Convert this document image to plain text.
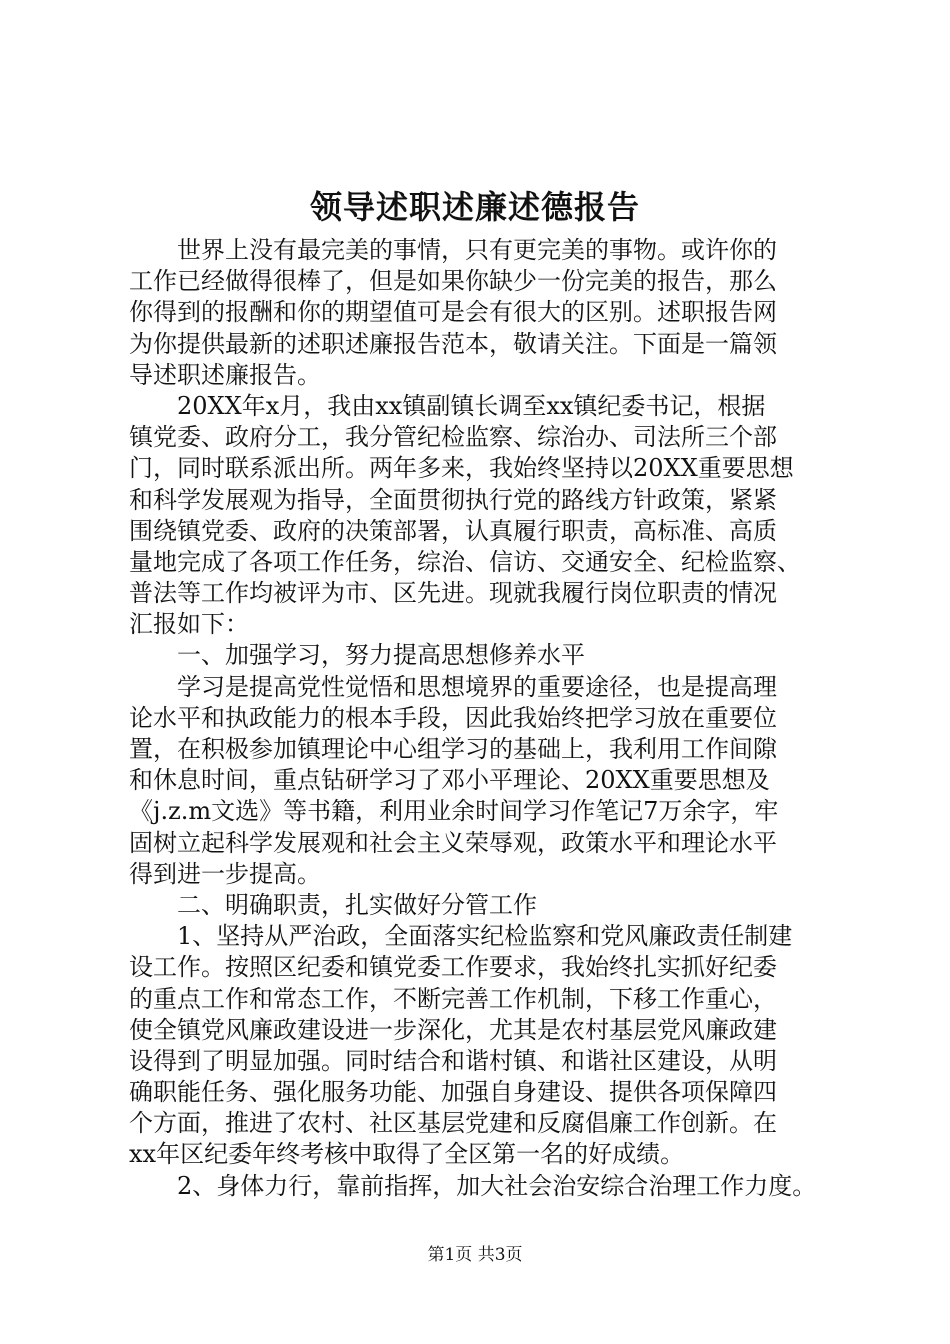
领导述职述廉述德报告
　　世界上没有最完美的事情，只有更完美的事物。或许你的
工作已经做得很棒了，但是如果你缺少一份完美的报告，那么
你得到的报酬和你的期望值可是会有很大的区别。述职报告网
为你提供最新的述职述廉报告范本，敬请关注。下面是一篇领
导述职述廉报告。
　　20XX年x月，我由xx镇副镇长调至xx镇纪委书记，根据
镇党委、政府分工，我分管纪检监察、综治办、司法所三个部
门，同时联系派出所。两年多来，我始终坚持以20XX重要思想
和科学发展观为指导，全面贯彻执行党的路线方针政策，紧紧
围绕镇党委、政府的决策部署，认真履行职责，高标准、高质
量地完成了各项工作任务，综治、信访、交通安全、纪检监察、
普法等工作均被评为市、区先进。现就我履行岗位职责的情况
汇报如下：
　　一、加强学习，努力提高思想修养水平
　　学习是提高党性觉悟和思想境界的重要途径，也是提高理
论水平和执政能力的根本手段，因此我始终把学习放在重要位
置，在积极参加镇理论中心组学习的基础上，我利用工作间隙
和休息时间，重点钻研学习了邓小平理论、20XX重要思想及
《j.z.m文选》等书籍，利用业余时间学习作笔记7万余字，牢
固树立起科学发展观和社会主义荣辱观，政策水平和理论水平
得到进一步提高。
　　二、明确职责，扎实做好分管工作
　　1、坚持从严治政，全面落实纪检监察和党风廉政责任制建
设工作。按照区纪委和镇党委工作要求，我始终扎实抓好纪委
的重点工作和常态工作，不断完善工作机制，下移工作重心，
使全镇党风廉政建设进一步深化，尤其是农村基层党风廉政建
设得到了明显加强。同时结合和谐村镇、和谐社区建设，从明
确职能任务、强化服务功能、加强自身建设、提供各项保障四
个方面，推进了农村、社区基层党建和反腐倡廉工作创新。在
xx年区纪委年终考核中取得了全区第一名的好成绩。
　　2、身体力行，靠前指挥，加大社会治安综合治理工作力度。
第1页 共3页
